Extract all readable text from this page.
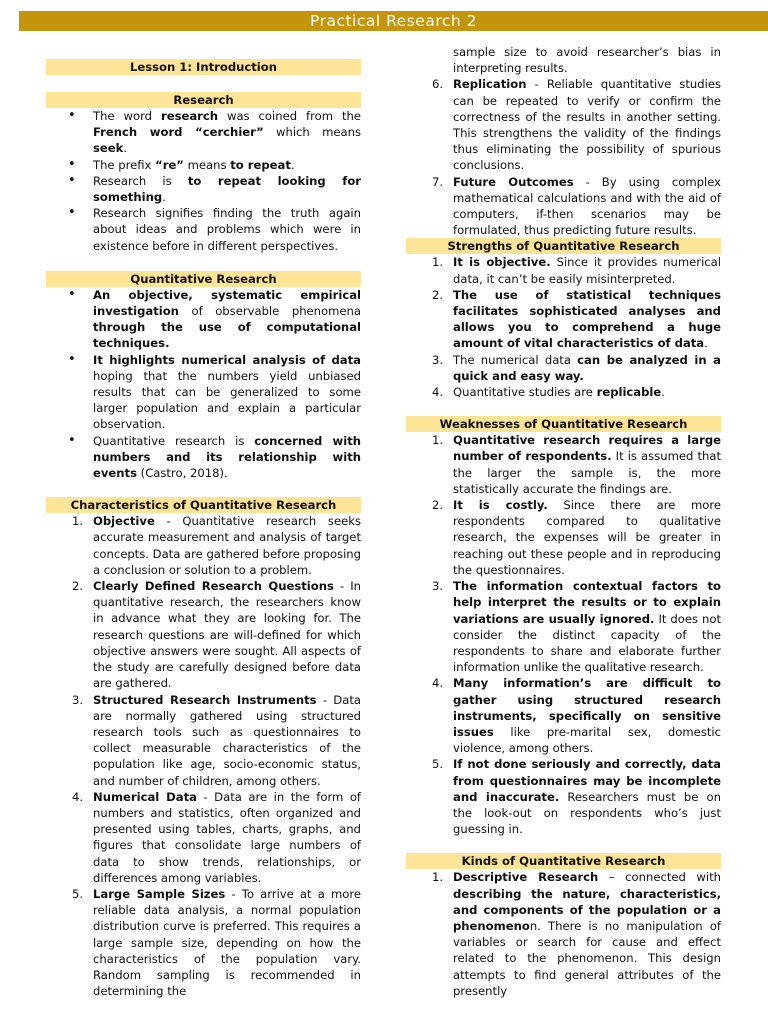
Practical Research 2
Lesson 1: Introduction
Research
• The word research was coined from the French word “cerchier” which means seek.
• The prefix “re” means to repeat.
• Research is to repeat looking for something.
• Research signifies finding the truth again about ideas and problems which were in existence before in different perspectives.
Quantitative Research
• An objective, systematic empirical investigation of observable phenomena through the use of computational techniques.
• It highlights numerical analysis of data hoping that the numbers yield unbiased results that can be generalized to some larger population and explain a particular observation.
• Quantitative research is concerned with numbers and its relationship with events (Castro, 2018).
Characteristics of Quantitative Research
1. Objective - Quantitative research seeks accurate measurement and analysis of target concepts. Data are gathered before proposing a conclusion or solution to a problem.
2. Clearly Defined Research Questions - In quantitative research, the researchers know in advance what they are looking for. The research questions are will-defined for which objective answers were sought. All aspects of the study are carefully designed before data are gathered.
3. Structured Research Instruments - Data are normally gathered using structured research tools such as questionnaires to collect measurable characteristics of the population like age, socio-economic status, and number of children, among others.
4. Numerical Data - Data are in the form of numbers and statistics, often organized and presented using tables, charts, graphs, and figures that consolidate large numbers of data to show trends, relationships, or differences among variables.
5. Large Sample Sizes - To arrive at a more reliable data analysis, a normal population distribution curve is preferred. This requires a large sample size, depending on how the characteristics of the population vary. Random sampling is recommended in determining the
sample size to avoid researcher’s bias in interpreting results.
6. Replication - Reliable quantitative studies can be repeated to verify or confirm the correctness of the results in another setting. This strengthens the validity of the findings thus eliminating the possibility of spurious conclusions.
7. Future Outcomes - By using complex mathematical calculations and with the aid of computers, if-then scenarios may be formulated, thus predicting future results.
Strengths of Quantitative Research
1. It is objective. Since it provides numerical data, it can’t be easily misinterpreted.
2. The use of statistical techniques facilitates sophisticated analyses and allows you to comprehend a huge amount of vital characteristics of data.
3. The numerical data can be analyzed in a quick and easy way.
4. Quantitative studies are replicable.
Weaknesses of Quantitative Research
1. Quantitative research requires a large number of respondents. It is assumed that the larger the sample is, the more statistically accurate the findings are.
2. It is costly. Since there are more respondents compared to qualitative research, the expenses will be greater in reaching out these people and in reproducing the questionnaires.
3. The information contextual factors to help interpret the results or to explain variations are usually ignored. It does not consider the distinct capacity of the respondents to share and elaborate further information unlike the qualitative research.
4. Many information’s are difficult to gather using structured research instruments, specifically on sensitive issues like pre-marital sex, domestic violence, among others.
5. If not done seriously and correctly, data from questionnaires may be incomplete and inaccurate. Researchers must be on the look-out on respondents who’s just guessing in.
Kinds of Quantitative Research
1. Descriptive Research – connected with describing the nature, characteristics, and components of the population or a phenomenon. There is no manipulation of variables or search for cause and effect related to the phenomenon. This design attempts to find general attributes of the presently
